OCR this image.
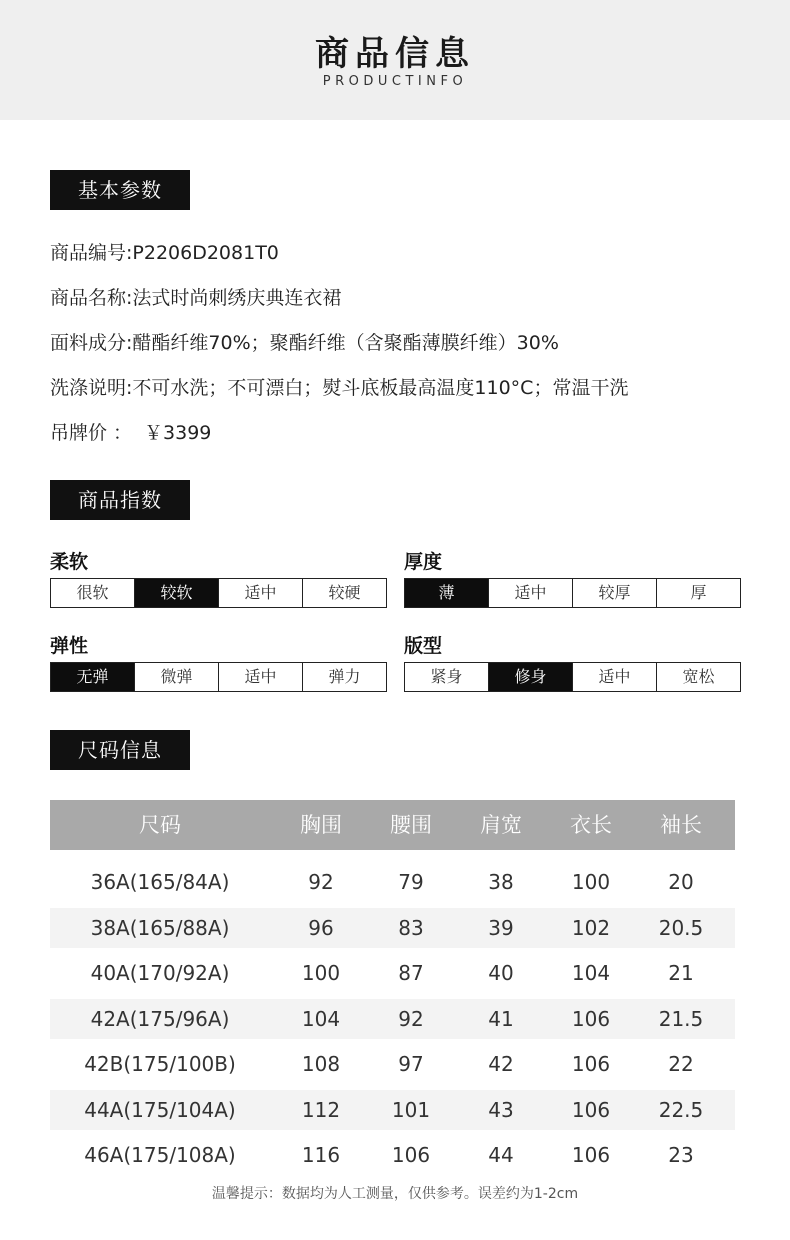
商品信息
PRODUCTINFO
基本参数
商品编号:P2206D2081T0
商品名称:法式时尚刺绣庆典连衣裙
面料成分:醋酯纤维70%；聚酯纤维（含聚酯薄膜纤维）30%
洗涤说明:不可水洗；不可漂白；熨斗底板最高温度110°C；常温干洗
吊牌价 ： ￥3399
商品指数
柔软
很软	较软	适中	较硬
厚度
薄	适中	较厚	厚
弹性
无弹	微弹	适中	弹力
版型
紧身	修身	适中	宽松
尺码信息
尺码	胸围	腰围	肩宽	衣长	袖长
36A(165/84A)	92	79	38	100	20
38A(165/88A)	96	83	39	102	20.5
40A(170/92A)	100	87	40	104	21
42A(175/96A)	104	92	41	106	21.5
42B(175/100B)	108	97	42	106	22
44A(175/104A)	112	101	43	106	22.5
46A(175/108A)	116	106	44	106	23
温馨提示：数据均为人工测量，仅供参考。误差约为1-2cm
